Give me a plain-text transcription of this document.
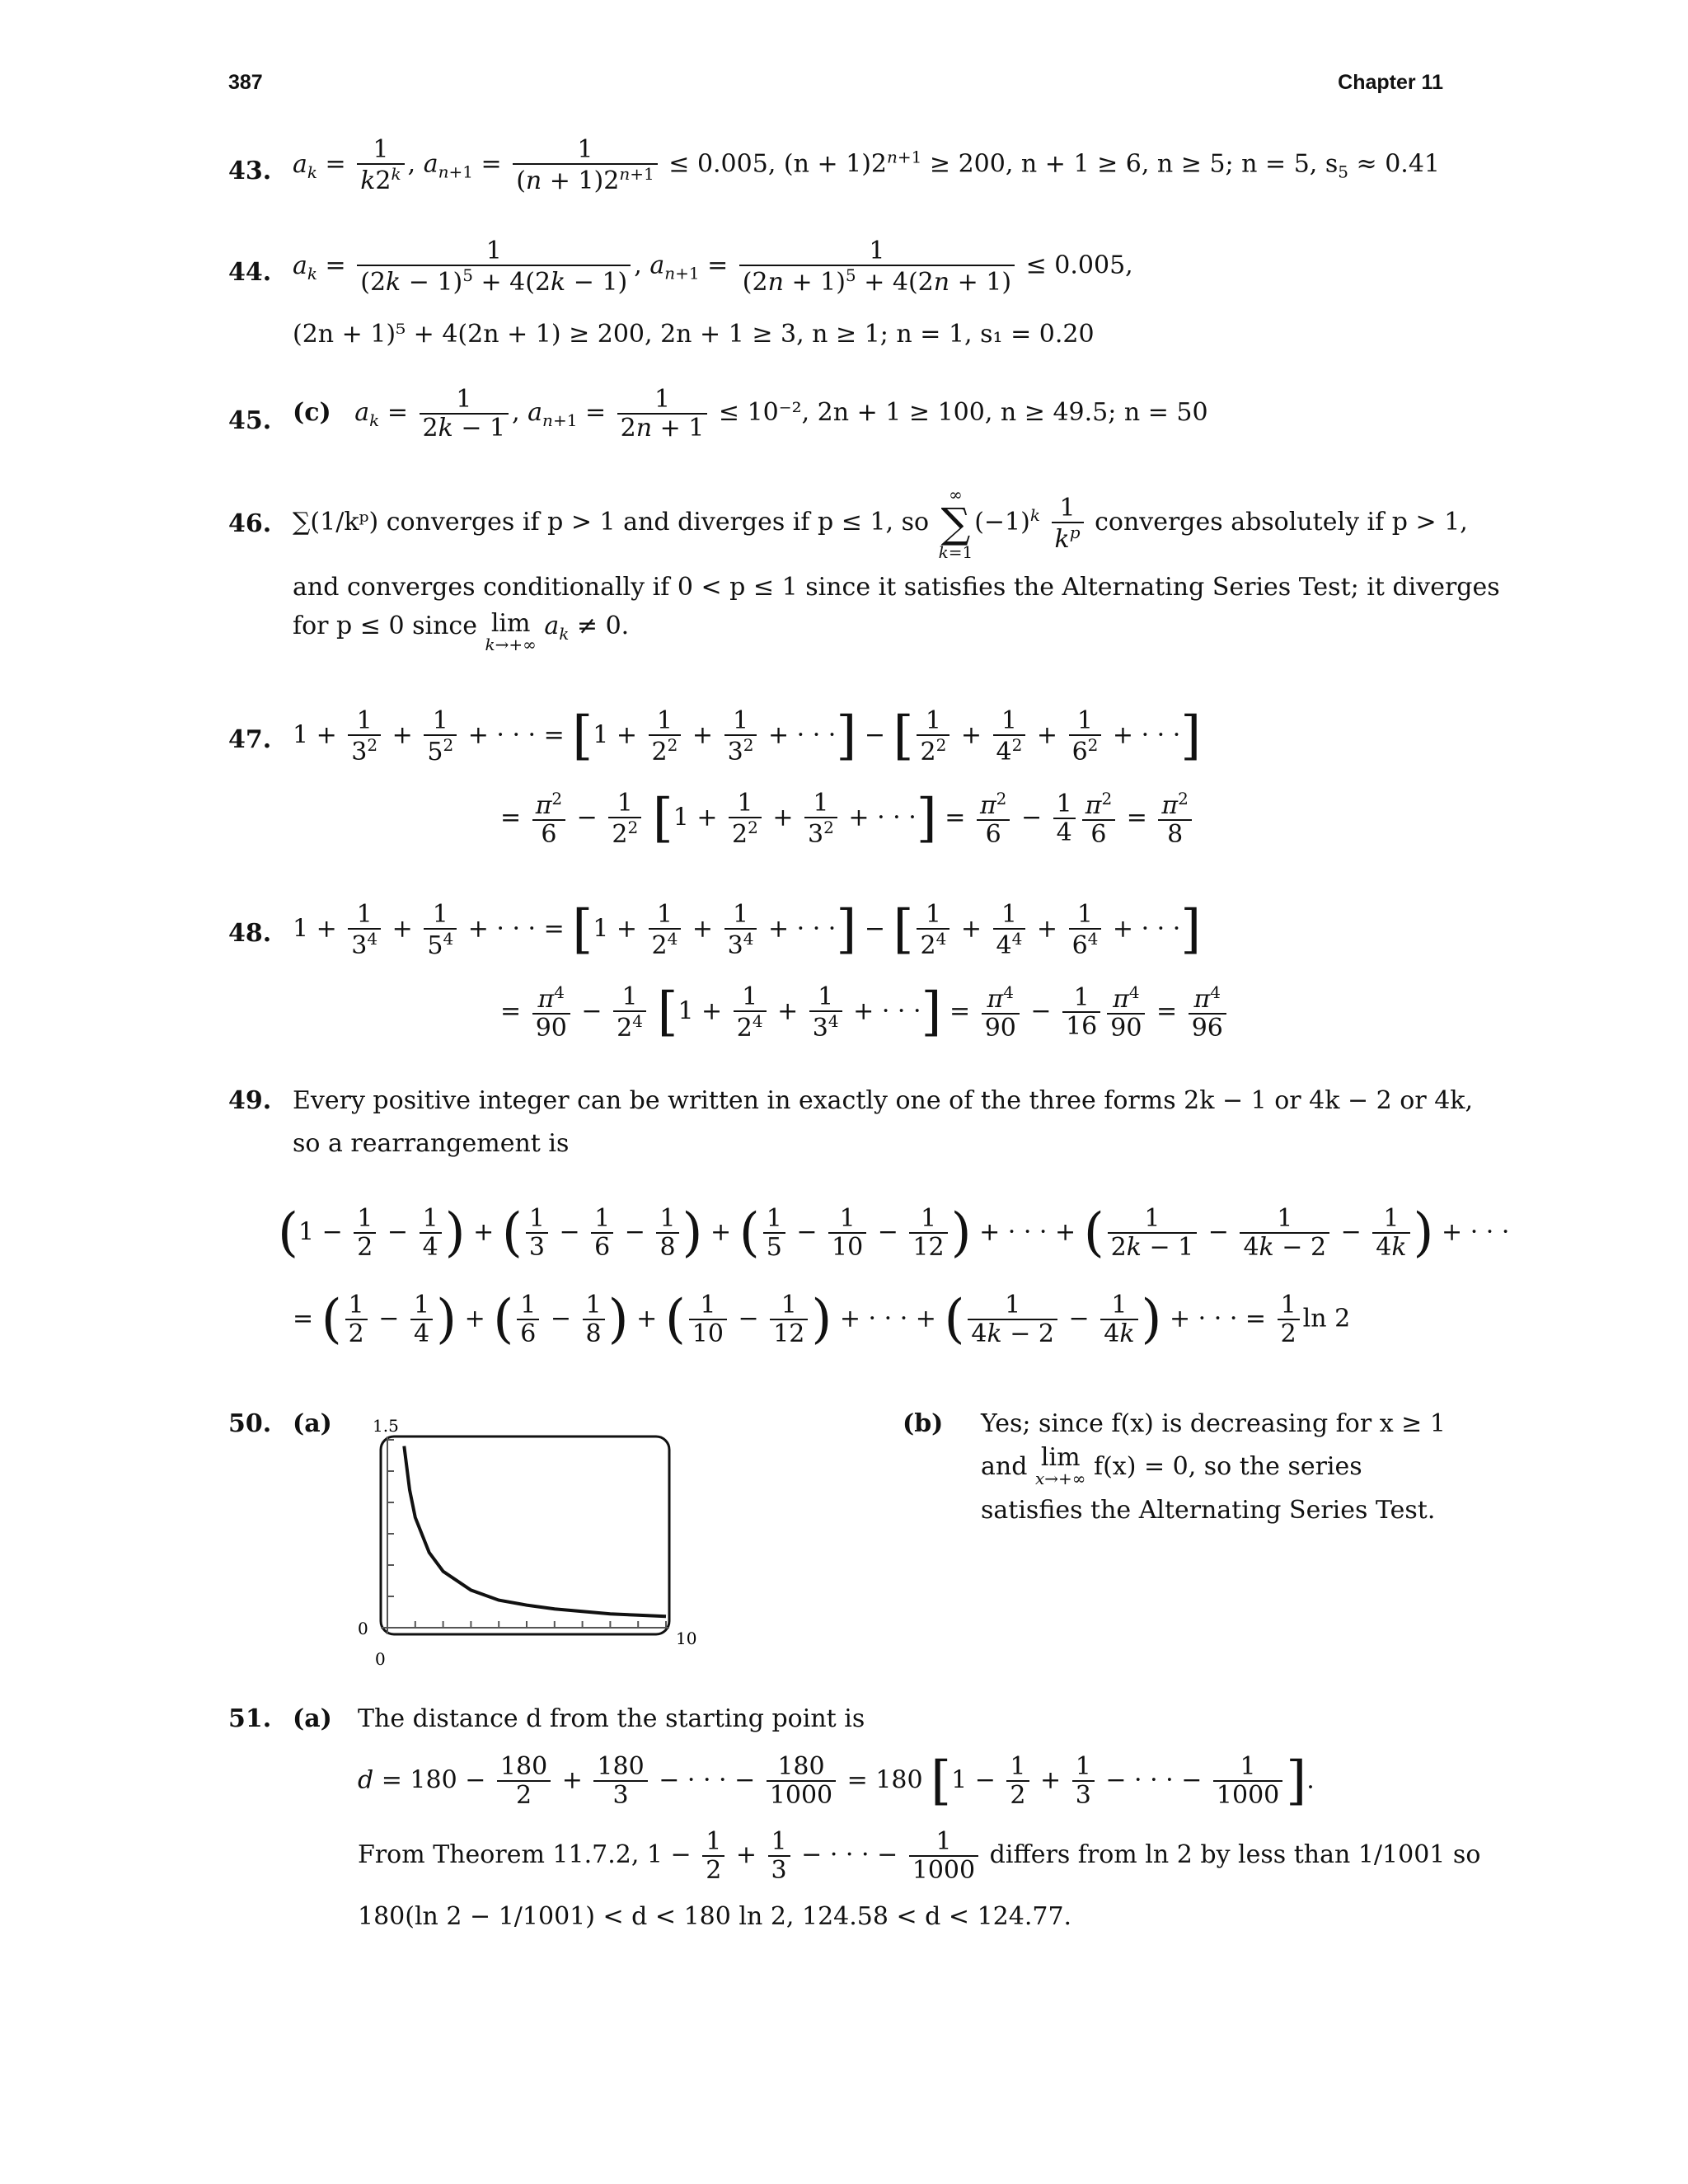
387	Chapter 11
43. $a_k = \frac{1}{k2^k}$ , $a_{n+1} = \frac{1}{(n + 1)2^{n+1}} \le 0.005$, $(n + 1)2^{n+1} \ge 200$, n + 1 ≥ 6, n ≥ 5; n = 5, $s_5 \approx 0.41$
44. $a_k = \frac{1}{(2k - 1)^5 + 4(2k - 1)}$ , $a_{n+1} = \frac{1}{(2n + 1)^5 + 4(2n + 1)} \le 0.005$,
(2n + 1)⁵ + 4(2n + 1) ≥ 200, 2n + 1 ≥ 3, n ≥ 1; n = 1, s₁ = 0.20
45. (c) $a_k = \frac{1}{2k - 1}$ , $a_{n+1} = \frac{1}{2n + 1} \le 10^{-2}$, 2n + 1 ≥ 100, n ≥ 49.5; n = 50
46. ∑(1/kᵖ) converges if p > 1 and diverges if p ≤ 1, so
∞
∑
k=1
$(-1)^k \frac{1}{k^p}$ converges absolutely if p > 1,
and converges conditionally if 0 < p ≤ 1 since it satisfies the Alternating Series Test; it diverges
for p ≤ 0 since lim
k→+∞
$a_k \ne 0$.
47. $1 + \frac{1}{3^2} + \frac{1}{5^2}$ + · · · = [$1 + \frac{1}{2^2} + \frac{1}{3^2}$ + · · ·] − [ $\frac{1}{2^2} + \frac{1}{4^2} + \frac{1}{6^2}$ + · · ·]
= $\frac{\pi^2}{6} - \frac{1}{2^2} [1 + \frac{1}{2^2} + \frac{1}{3^2}$ + · · ·] = $\frac{\pi^2}{6} - \frac{1}{4} \frac{\pi^2}{6} = \frac{\pi^2}{8}$
48. $1 + \frac{1}{3^4} + \frac{1}{5^4}$ + · · · = [$1 + \frac{1}{2^4} + \frac{1}{3^4}$ + · · ·] − [ $\frac{1}{2^4} + \frac{1}{4^4} + \frac{1}{6^4}$ + · · ·]
= $\frac{\pi^4}{90} - \frac{1}{2^4} [1 + \frac{1}{2^4} + \frac{1}{3^4}$ + · · ·] = $\frac{\pi^4}{90} - \frac{1}{16} \frac{\pi^4}{90} = \frac{\pi^4}{96}$
49. Every positive integer can be written in exactly one of the three forms 2k − 1 or 4k − 2 or 4k,
so a rearrangement is
($1 - \frac{1}{2} - \frac{1}{4}$ ) + ( $\frac{1}{3} - \frac{1}{6} - \frac{1}{8}$ ) + ( $\frac{1}{5} - \frac{1}{10} - \frac{1}{12}$ ) + · · · + ( $\frac{1}{2k - 1} - \frac{1}{4k - 2} - \frac{1}{4k}$ ) + · · ·
= ( $\frac{1}{2} - \frac{1}{4}$ ) + ( $\frac{1}{6} - \frac{1}{8}$ ) + ( $\frac{1}{10} - \frac{1}{12}$ ) + · · · + ( $\frac{1}{4k - 2} - \frac{1}{4k}$ ) + · · · = $\frac{1}{2}$ ln 2
50. (a) 1.5
0
0
10
(b) Yes; since f(x) is decreasing for x ≥ 1
and lim
x→+∞ f(x) = 0, so the series
satisfies the Alternating Series Test.
51. (a) The distance d from the starting point is
$d = 180 - \frac{180}{2} + \frac{180}{3}$ − · · · − $\frac{180}{1000} = 180$ [$1 - \frac{1}{2} + \frac{1}{3}$ − · · · − $\frac{1}{1000}$ ].
From Theorem 11.7.2, $1 - \frac{1}{2} + \frac{1}{3}$ − · · · − $\frac{1}{1000}$ differs from ln 2 by less than 1/1001 so
180(ln 2 − 1/1001) < d < 180 ln 2, 124.58 < d < 124.77.
